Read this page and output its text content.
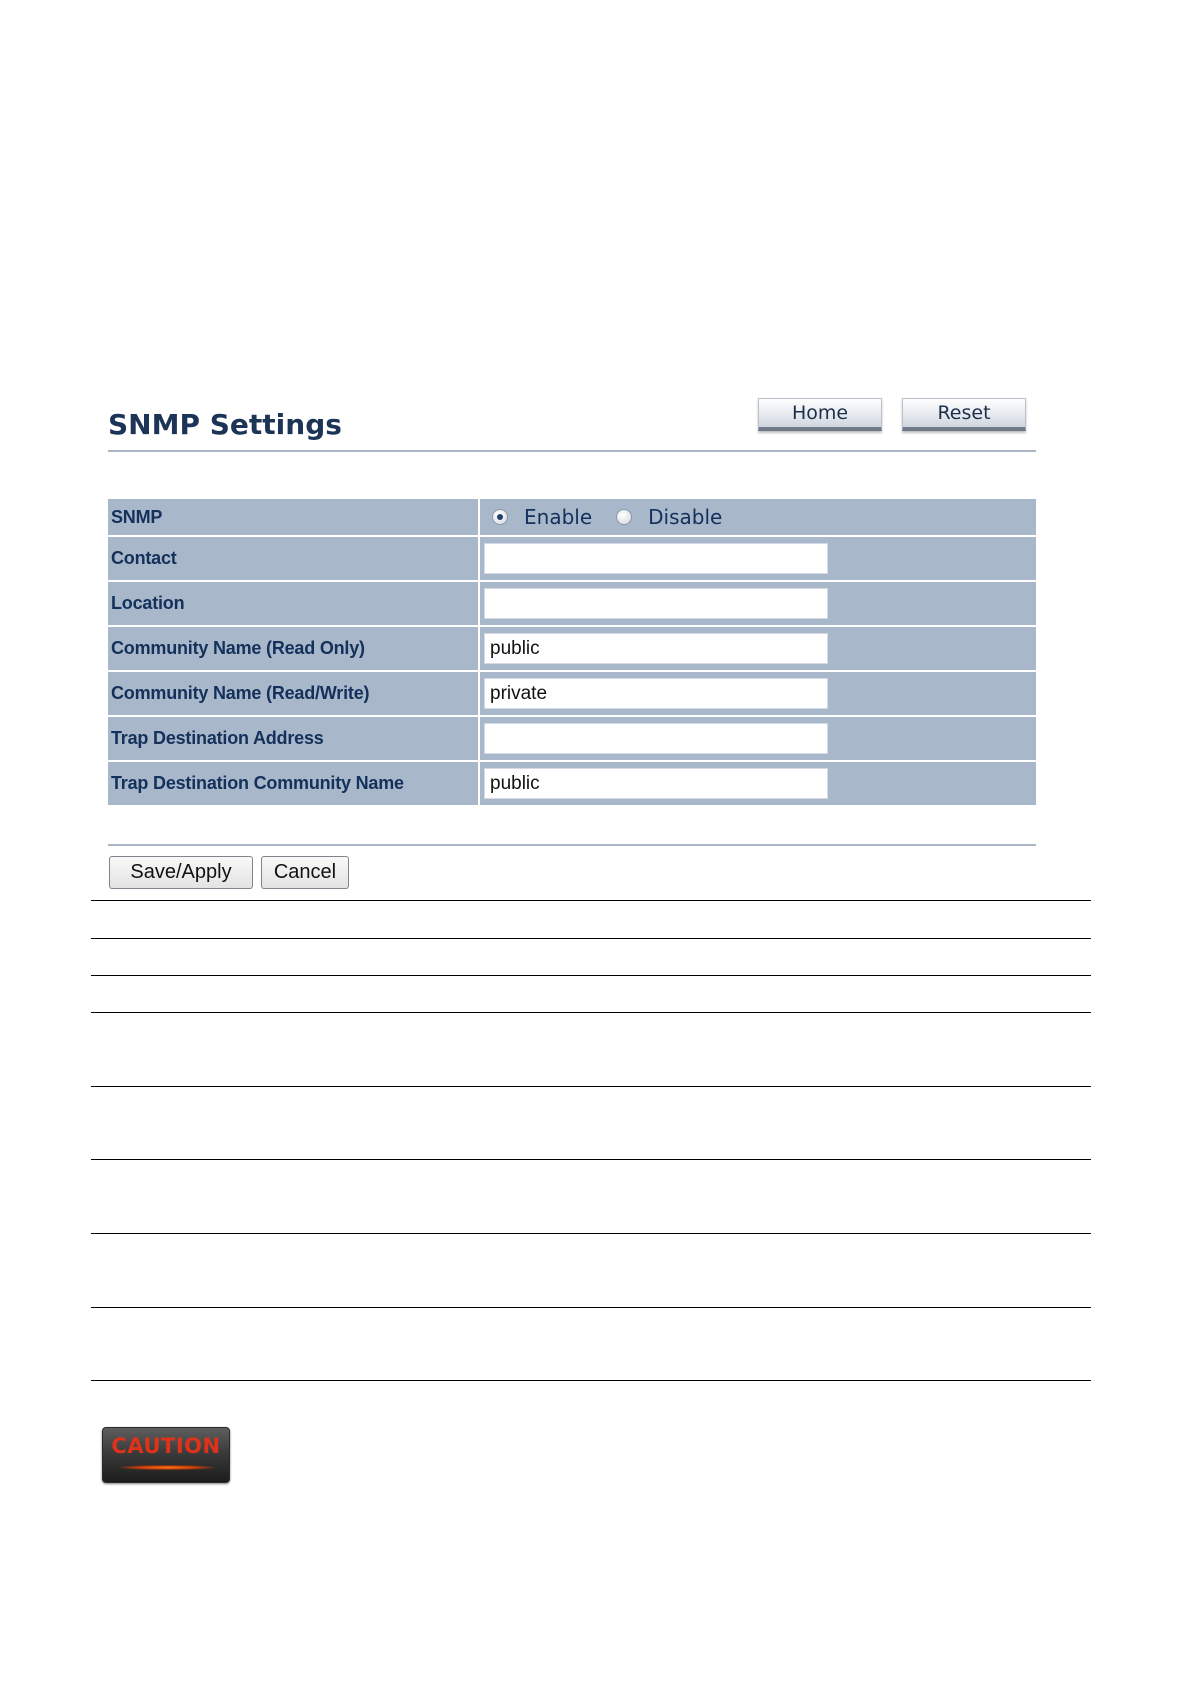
SNMP Settings	Home	Reset
SNMP	Enable	Disable
Contact
Location
Community Name (Read Only)	public
Community Name (Read/Write)	private
Trap Destination Address
Trap Destination Community Name	public
Save/Apply	Cancel
CAUTION
